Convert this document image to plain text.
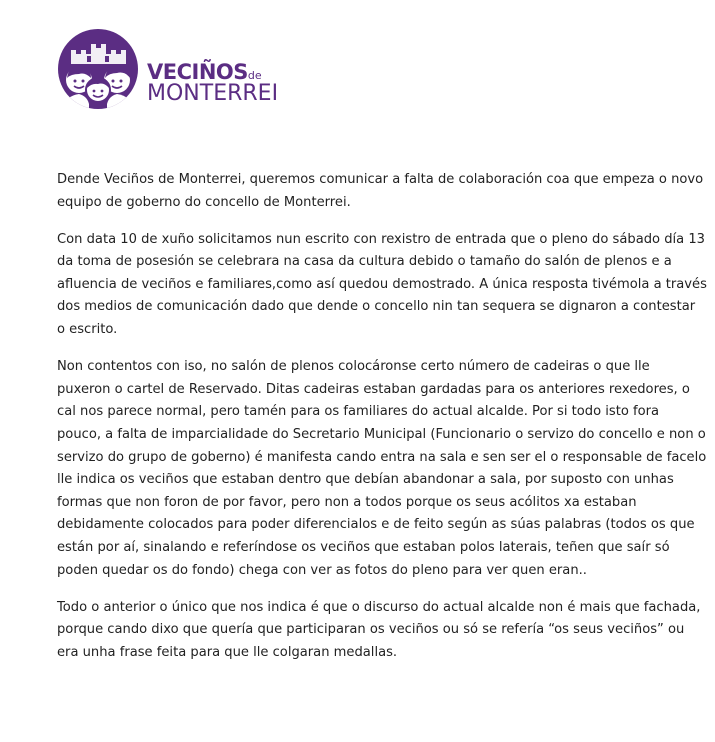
VECIÑOSde
MONTERREI

Dende Veciños de Monterrei, queremos comunicar a falta de colaboración coa que empeza o novo equipo de goberno do concello de Monterrei.

Con data 10 de xuño solicitamos nun escrito con rexistro de entrada que o pleno do sábado día 13 da toma de posesión se celebrara na casa da cultura debido o tamaño do salón de plenos e a afluencia de veciños e familiares,como así quedou demostrado. A única resposta tivémola a través dos medios de comunicación dado que dende o concello nin tan sequera se dignaron a contestar o escrito.

Non contentos con iso, no salón de plenos colocáronse certo número de cadeiras o que lle puxeron o cartel de Reservado. Ditas cadeiras estaban gardadas para os anteriores rexedores, o cal nos parece normal, pero tamén para os familiares do actual alcalde. Por si todo isto fora pouco, a falta de imparcialidade do Secretario Municipal (Funcionario o servizo do concello e non o servizo do grupo de goberno) é manifesta cando entra na sala e sen ser el o responsable de facelo lle indica os veciños que estaban dentro que debían abandonar a sala, por suposto con unhas formas que non foron de por favor, pero non a todos porque os seus acólitos xa estaban debidamente colocados para poder diferencialos e de feito según as súas palabras (todos os que están por aí, sinalando e referíndose os veciños que estaban polos laterais, teñen que saír só poden quedar os do fondo) chega con ver as fotos do pleno para ver quen eran..

Todo o anterior o único que nos indica é que o discurso do actual alcalde non é mais que fachada, porque cando dixo que quería que participaran os veciños ou só se refería “os seus veciños” ou era unha frase feita para que lle colgaran medallas.
